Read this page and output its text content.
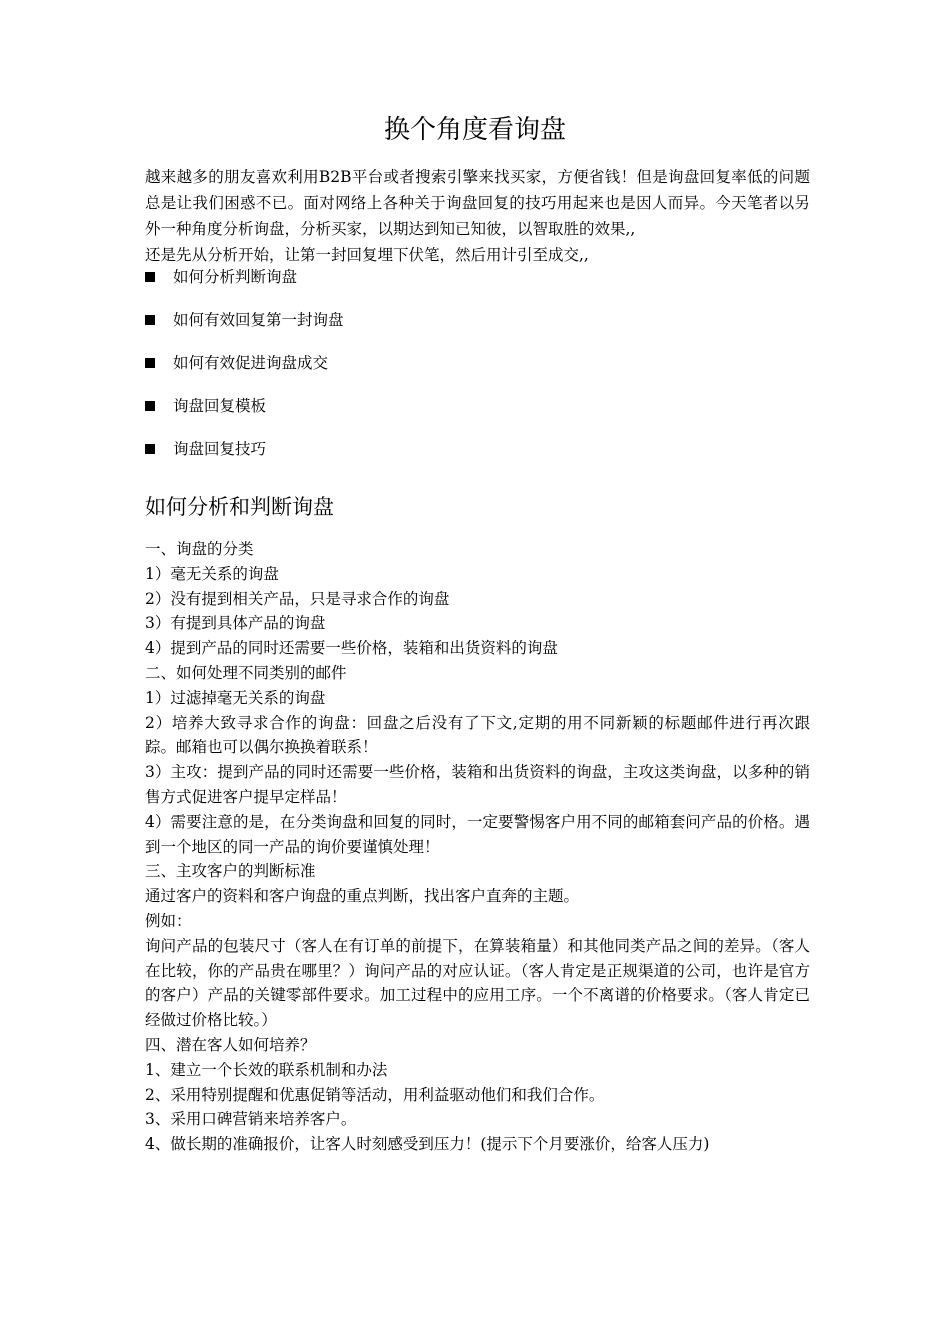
换个角度看询盘

越来越多的朋友喜欢利用B2B平台或者搜索引擎来找买家，方便省钱！但是询盘回复率低的问题总是让我们困惑不已。面对网络上各种关于询盘回复的技巧用起来也是因人而异。今天笔者以另外一种角度分析询盘，分析买家，以期达到知已知彼，以智取胜的效果,,

还是先从分析开始，让第一封回复埋下伏笔，然后用计引至成交,,

如何分析判断询盘
如何有效回复第一封询盘
如何有效促进询盘成交
询盘回复模板
询盘回复技巧
如何分析和判断询盘

一、询盘的分类

1）毫无关系的询盘

2）没有提到相关产品，只是寻求合作的询盘

3）有提到具体产品的询盘

4）提到产品的同时还需要一些价格，装箱和出货资料的询盘

二、如何处理不同类别的邮件

1）过滤掉毫无关系的询盘

2）培养大致寻求合作的询盘：回盘之后没有了下文,定期的用不同新颖的标题邮件进行再次跟踪。邮箱也可以偶尔换换着联系！

3）主攻：提到产品的同时还需要一些价格，装箱和出货资料的询盘，主攻这类询盘，以多种的销售方式促进客户提早定样品！

4）需要注意的是，在分类询盘和回复的同时，一定要警惕客户用不同的邮箱套问产品的价格。遇到一个地区的同一产品的询价要谨慎处理！

三、主攻客户的判断标准

通过客户的资料和客户询盘的重点判断，找出客户直奔的主题。

例如：

询问产品的包装尺寸（客人在有订单的前提下，在算装箱量）和其他同类产品之间的差异。（客人在比较，你的产品贵在哪里？）询问产品的对应认证。（客人肯定是正规渠道的公司，也许是官方的客户）产品的关键零部件要求。加工过程中的应用工序。一个不离谱的价格要求。（客人肯定已经做过价格比较。）

四、潜在客人如何培养？

1、建立一个长效的联系机制和办法

2、采用特别提醒和优惠促销等活动，用利益驱动他们和我们合作。

3、采用口碑营销来培养客户。

4、做长期的准确报价，让客人时刻感受到压力！(提示下个月要涨价，给客人压力)
